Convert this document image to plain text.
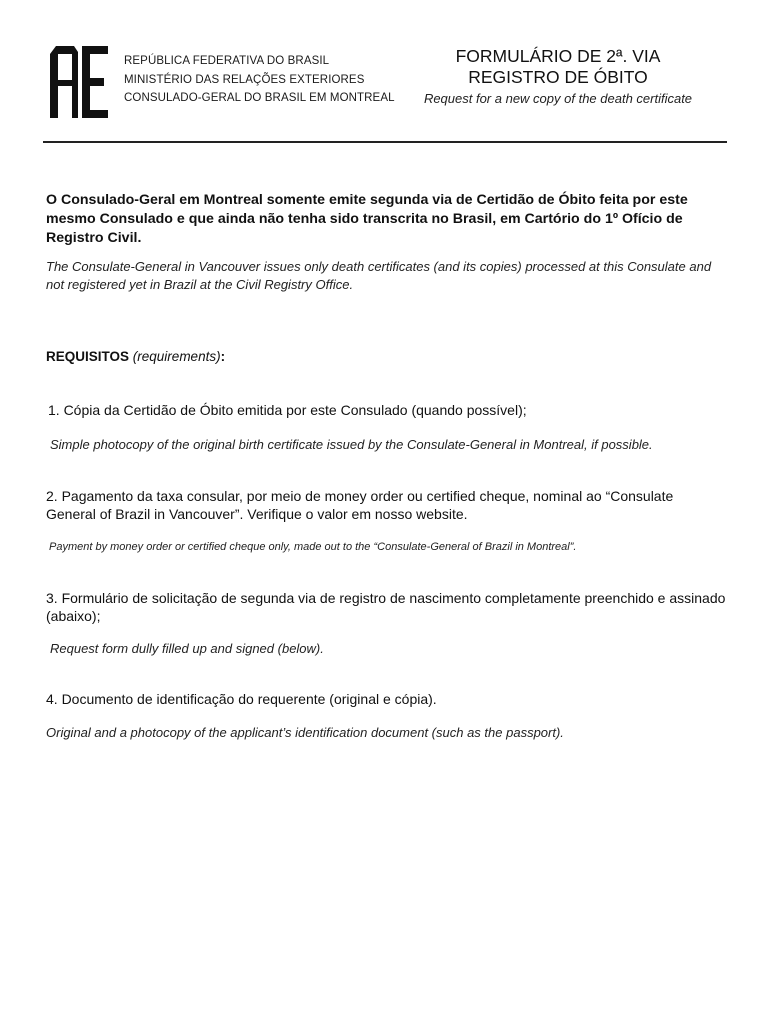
REPÚBLICA FEDERATIVA DO BRASIL
MINISTÉRIO DAS RELAÇÕES EXTERIORES
CONSULADO-GERAL DO BRASIL EM MONTREAL
FORMULÁRIO DE 2ª. VIA
REGISTRO DE ÓBITO
Request for a new copy of the death certificate
O Consulado-Geral em Montreal somente emite segunda via de Certidão de Óbito feita por este mesmo Consulado e que ainda não tenha sido transcrita no Brasil, em Cartório do 1º Ofício de Registro Civil.
The Consulate-General in Vancouver issues only death certificates (and its copies) processed at this Consulate and not registered yet in Brazil at the Civil Registry Office.
REQUISITOS (requirements):
1. Cópia da Certidão de Óbito emitida por este Consulado (quando possível);
Simple photocopy of the original birth certificate issued by the Consulate-General in Montreal, if possible.
2. Pagamento da taxa consular, por meio de money order ou certified cheque, nominal ao “Consulate General of Brazil in Vancouver”. Verifique o valor em nosso website.
Payment by money order or certified cheque only, made out to the “Consulate-General of Brazil in Montreal”.
3. Formulário de solicitação de segunda via de registro de nascimento completamente preenchido e assinado (abaixo);
Request form dully filled up and signed (below).
4. Documento de identificação do requerente (original e cópia).
Original and a photocopy of the applicant’s identification document (such as the passport).
